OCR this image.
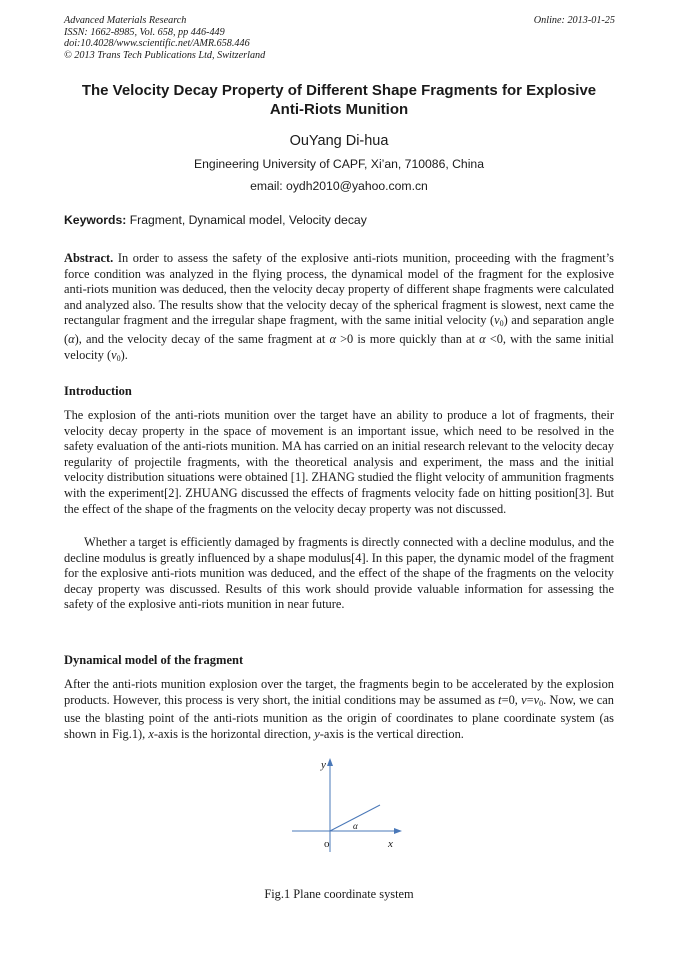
Advanced Materials Research
ISSN: 1662-8985, Vol. 658, pp 446-449
doi:10.4028/www.scientific.net/AMR.658.446
© 2013 Trans Tech Publications Ltd, Switzerland
Online: 2013-01-25
The Velocity Decay Property of Different Shape Fragments for Explosive
Anti-Riots Munition
OuYang Di-hua
Engineering University of CAPF, Xi’an, 710086, China
email: oydh2010@yahoo.com.cn
Keywords: Fragment, Dynamical model, Velocity decay
Abstract. In order to assess the safety of the explosive anti-riots munition, proceeding with the fragment’s force condition was analyzed in the flying process, the dynamical model of the fragment for the explosive anti-riots munition was deduced, then the velocity decay property of different shape fragments were calculated and analyzed also. The results show that the velocity decay of the spherical fragment is slowest, next came the rectangular fragment and the irregular shape fragment, with the same initial velocity $(v_0)$ and separation angle (α), and the velocity decay of the same fragment at α >0 is more quickly than at α <0, with the same initial velocity $(v_0)$.
Introduction
The explosion of the anti-riots munition over the target have an ability to produce a lot of fragments, their velocity decay property in the space of movement is an important issue, which need to be resolved in the safety evaluation of the anti-riots munition. MA has carried on an initial research relevant to the velocity decay regularity of projectile fragments, with the theoretical analysis and experiment, the mass and the initial velocity distribution situations were obtained [1]. ZHANG studied the flight velocity of ammunition fragments with the experiment[2]. ZHUANG discussed the effects of fragments velocity fade on hitting position[3]. But the effect of the shape of the fragments on the velocity decay property was not discussed.
Whether a target is efficiently damaged by fragments is directly connected with a decline modulus, and the decline modulus is greatly influenced by a shape modulus[4]. In this paper, the dynamic model of the fragment for the explosive anti-riots munition was deduced, and the effect of the shape of the fragments on the velocity decay property was discussed. Results of this work should provide valuable information for assessing the safety of the explosive anti-riots munition in near future.
Dynamical model of the fragment
After the anti-riots munition explosion over the target, the fragments begin to be accelerated by the explosion products. However, this process is very short, the initial conditions may be assumed as t=0, $v=v_0$. Now, we can use the blasting point of the anti-riots munition as the origin of coordinates to plane coordinate system (as shown in Fig.1), x-axis is the horizontal direction, y-axis is the vertical direction.
y
x
o
α
Fig.1 Plane coordinate system
